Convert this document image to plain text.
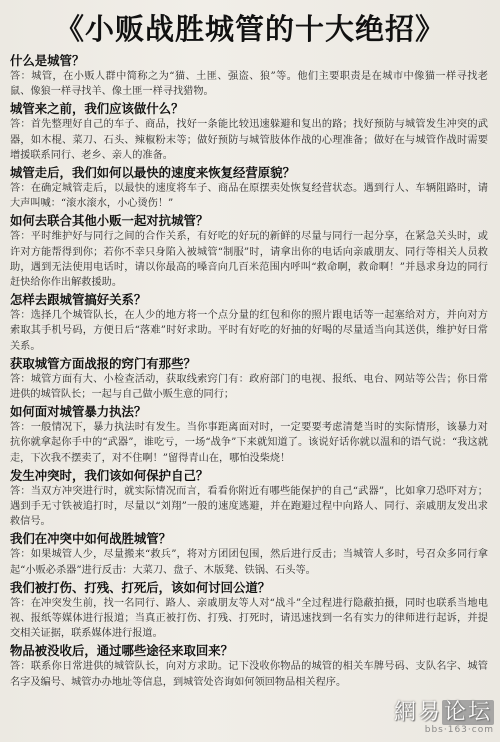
《小贩战胜城管的十大绝招》
什么是城管？
答：城管，在小贩人群中简称之为“猫、土匪、强盗、狼”等。他们主要职责是在城市中像猫一样寻找老鼠、像狼一样寻找羊、像土匪一样寻找猎物。
城管来之前，我们应该做什么？
答：首先整理好自己的车子、商品，找好一条能比较迅速躲避和复出的路；找好预防与城管发生冲突的武器，如木棍、菜刀、石头、辣椒粉末等；做好预防与城管肢体作战的心理准备；做好在与城管作战时需要增援联系同行、老乡、亲人的准备。
城管走后，我们如何以最快的速度来恢复经营原貌？
答：在确定城管走后，以最快的速度将车子、商品在原摆卖处恢复经营状态。遇到行人、车辆阻路时，请大声叫喊：“滚水滚水，小心烫伤！”
如何去联合其他小贩一起对抗城管？
答：平时维护好与同行之间的合作关系，有好吃的好玩的新鲜的尽量与同行一起分享，在紧急关头时，或许对方能帮得到你；若你不幸只身陷入被城管“制服”时，请拿出你的电话向亲戚朋友、同行等相关人员救助，遇到无法使用电话时，请以你最高的嗓音向几百米范围内呼叫“救命啊，救命啊！”并恳求身边的同行赶快给你作出解救援助。
怎样去跟城管搞好关系？
答：选择几个城管队长，在人少的地方将一个点分量的红包和你的照片跟电话等一起塞给对方，并向对方索取其手机号码，方便日后“落难”时好求助。平时有好吃的好抽的好喝的尽量适当向其送供，维护好日常关系。
获取城管方面战报的窍门有那些？
答：城管方面有大、小检查活动，获取线索窍门有：政府部门的电视、报纸、电台、网站等公告；你日常进供的城管队长；一起与自己做小贩生意的同行；
如何面对城管暴力执法？
答：一般情况下，暴力执法时有发生。当你事距离面对时，一定要要考虑清楚当时的实际情形，该暴力对抗你就拿起你手中的“武器”，谁吃亏，一场“战争”下来就知道了。该说好话你就以温和的语气说：“我这就走，下次我不摆卖了，对不住啊！”留得青山在，哪怕没柴烧！
发生冲突时，我们该如何保护自己？
答：当双方冲突进行时，就实际情况而言，看看你附近有哪些能保护的自己“武器”，比如拿刀恐吓对方；遇到手无寸铁被追打时，尽量以“刘翔”一般的速度逃避，并在跑避过程中向路人、同行、亲戚朋友发出求救信号。
我们在冲突中如何战胜城管？
答：如果城管人少，尽量搬来“救兵”，将对方团团包围，然后进行反击；当城管人多时，号召众多同行拿起“小贩必杀器”进行反击：大菜刀、盘子、木版凳、铁锅、石头等。
我们被打伤、打残、打死后，该如何讨回公道？
答：在冲突发生前，找一名同行、路人、亲戚朋友等人对“战斗”全过程进行隐蔽拍摄，同时也联系当地电视、报纸等媒体进行报道；当真正被打伤、打残、打死时，请迅速找到一名有实力的律师进行起诉，并提交相关证据，联系媒体进行报道。
物品被没收后，通过哪些途径来取回来？
答：联系你日常进供的城管队长，向对方求助。记下没收你物品的城管的相关车牌号码、支队名字、城管名字及编号、城管办办地址等信息，到城管处咨询如何领回物品相关程序。
網易论坛
bbs·163·com
